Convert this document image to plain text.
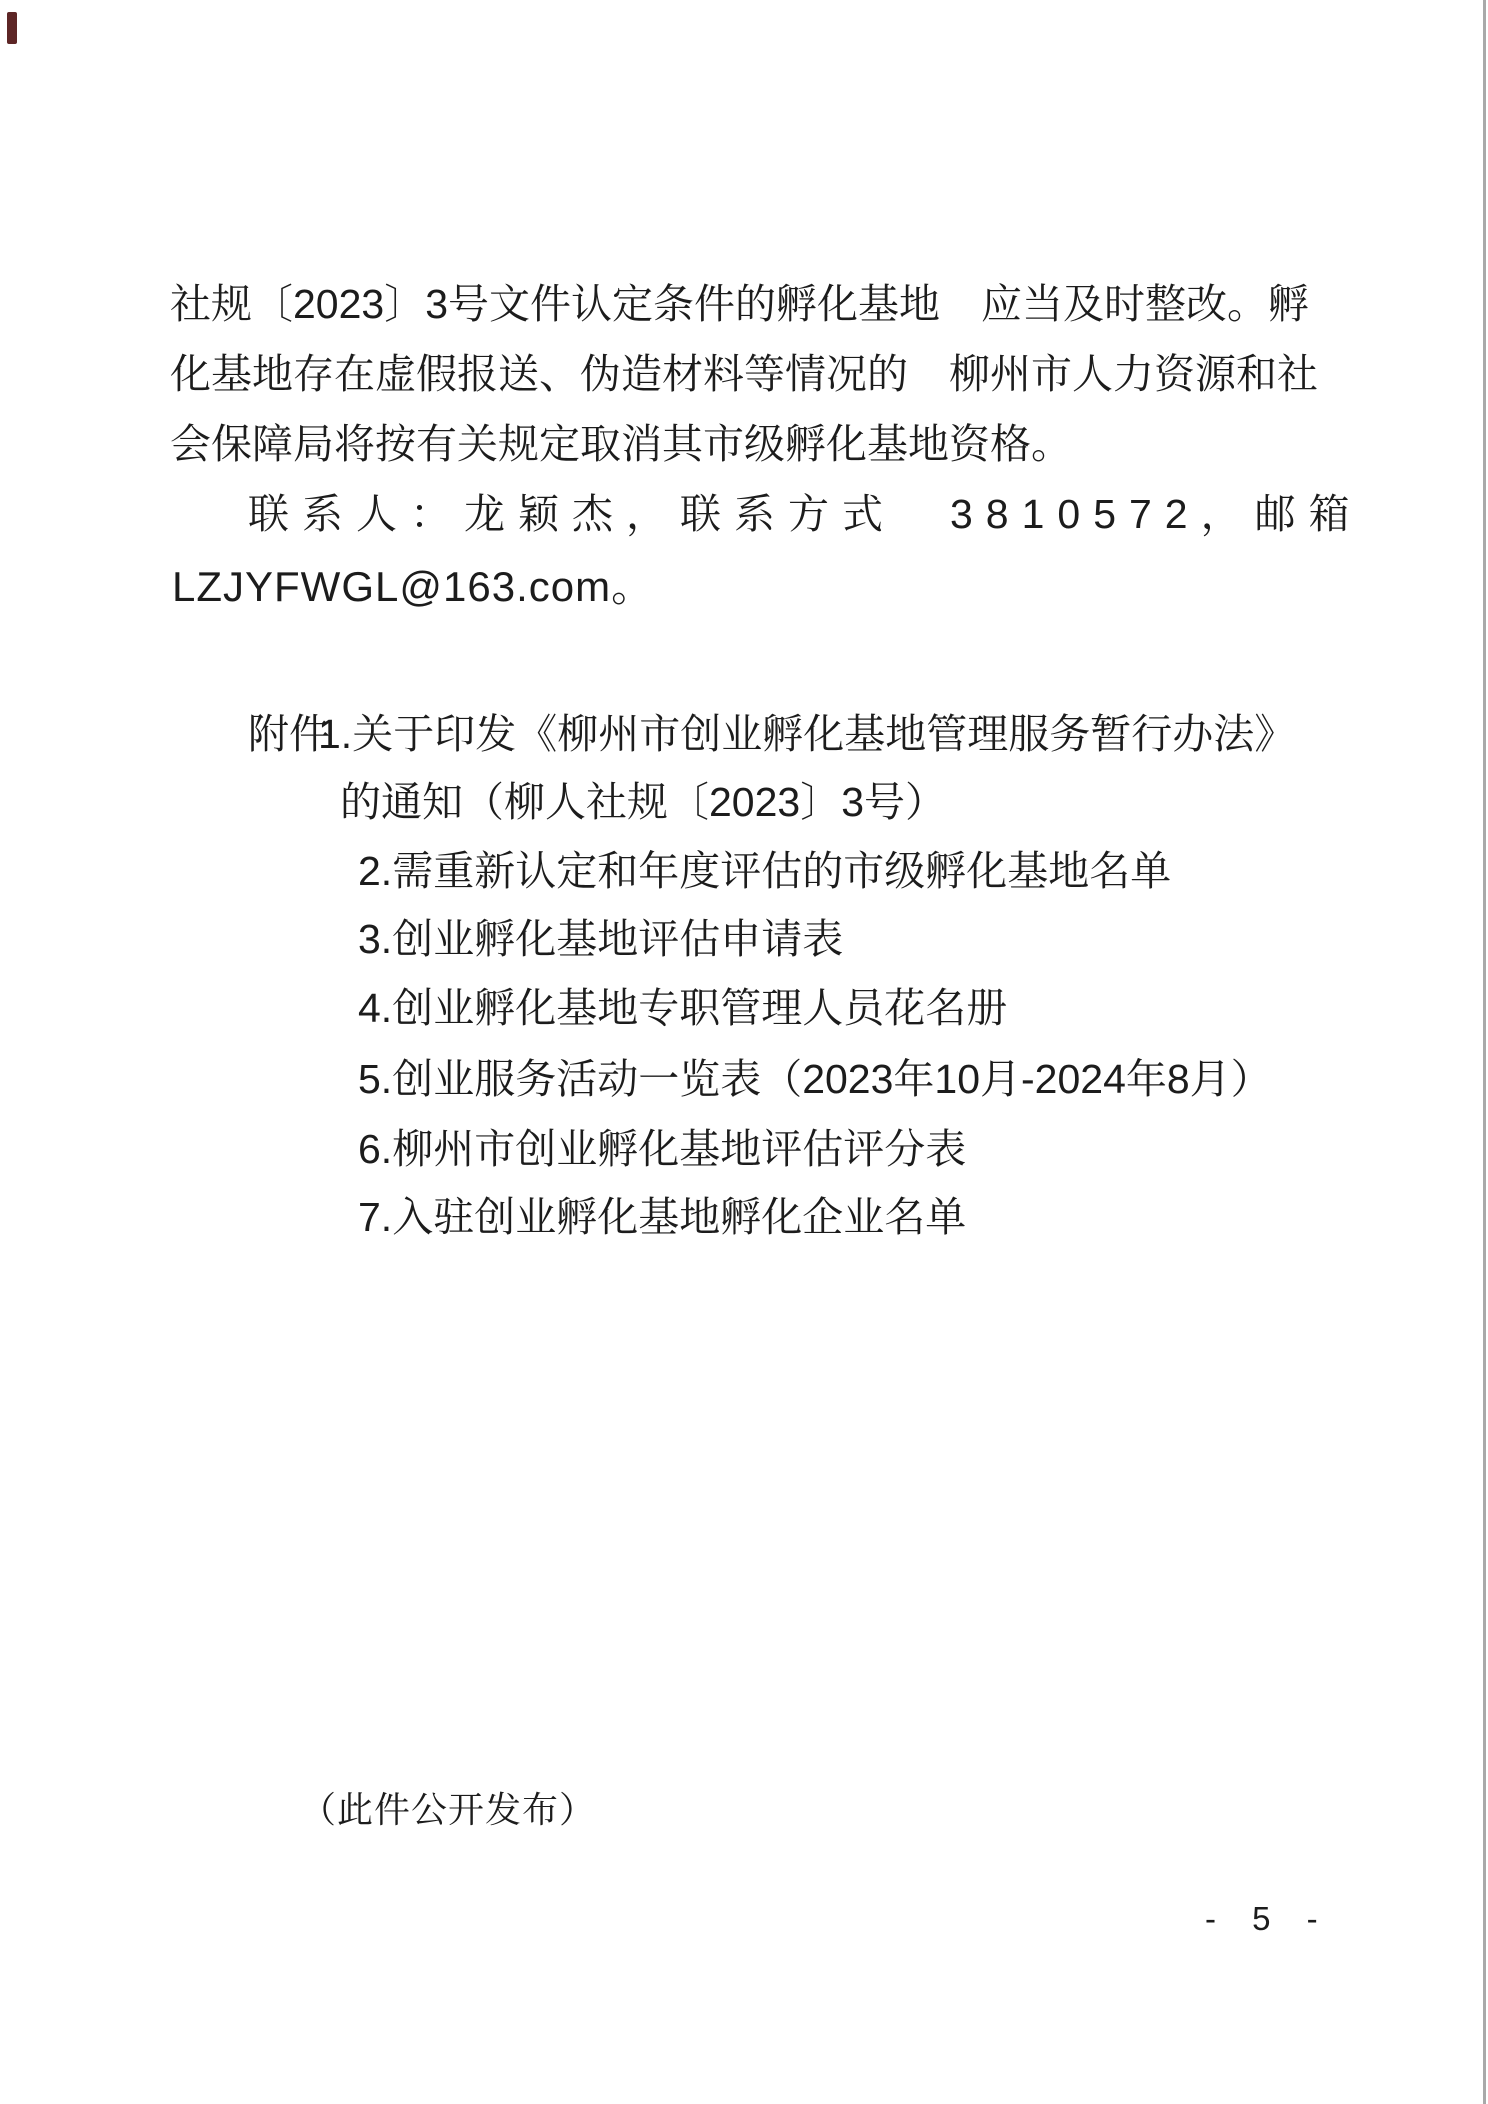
社规〔2023〕3号文件认定条件的孵化基地　应当及时整改。孵
化基地存在虚假报送、伪造材料等情况的　柳州市人力资源和社
会保障局将按有关规定取消其市级孵化基地资格。
联系人：龙颖杰，联系方式　3810572，邮箱
LZJYFWGL@163.com。
附件
1.关于印发《柳州市创业孵化基地管理服务暂行办法》
的通知（柳人社规〔2023〕3号）
2.需重新认定和年度评估的市级孵化基地名单
3.创业孵化基地评估申请表
4.创业孵化基地专职管理人员花名册
5.创业服务活动一览表（2023年10月-2024年8月）
6.柳州市创业孵化基地评估评分表
7.入驻创业孵化基地孵化企业名单
（此件公开发布）
- 5 -
